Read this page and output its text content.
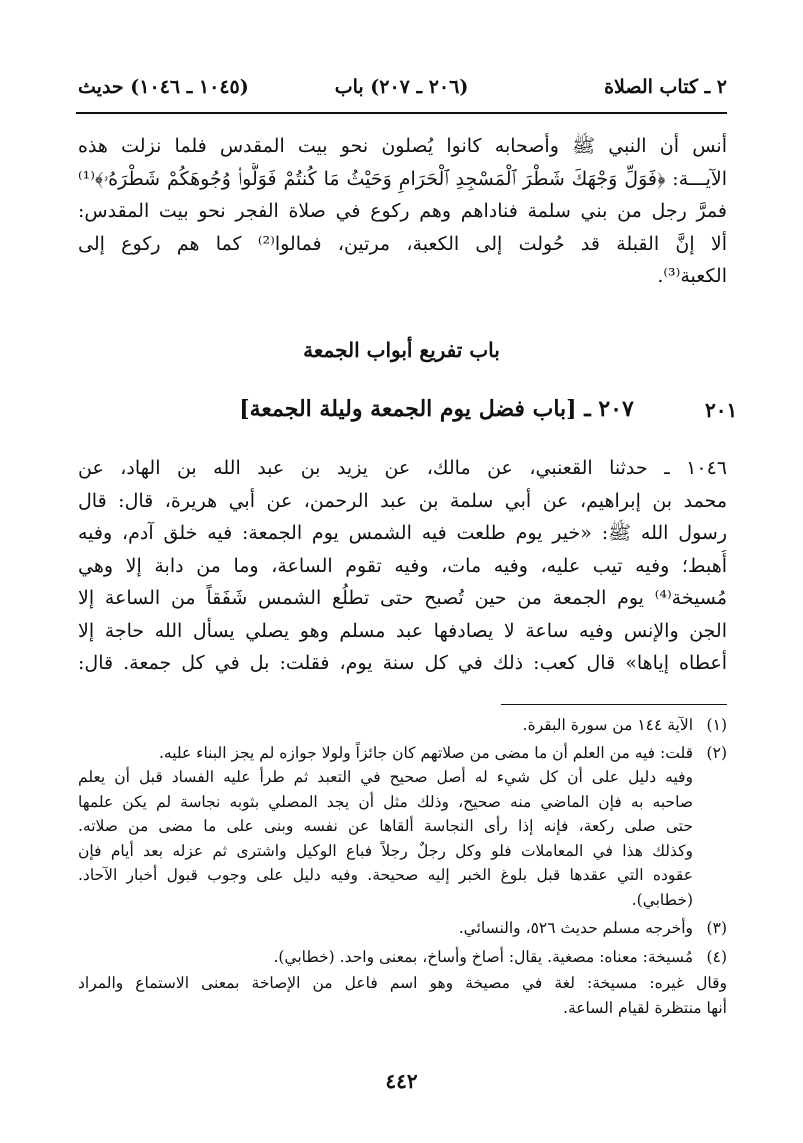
٢ ـ كتاب الصلاة
(٢٠٦ ـ ٢٠٧) باب
(١٠٤٥ ـ ١٠٤٦) حديث
أنس أن النبي ﷺ وأصحابه كانوا يُصلون نحو بيت المقدس فلما نزلت هذه
الآيـــة: ﴿فَوَلِّ وَجْهَكَ شَطْرَ ٱلْمَسْجِدِ ٱلْحَرَامِ وَحَيْثُ مَا كُنتُمْ فَوَلُّوا۟ وُجُوهَكُمْ شَطْرَهُۥ﴾⁽¹⁾
فمرَّ رجل من بني سلمة فناداهم وهم ركوع في صلاة الفجر نحو بيت المقدس:
ألا إنَّ القبلة قد حُولت إلى الكعبة، مرتين، فمالوا⁽²⁾ كما هم ركوع إلى
الكعبة⁽³⁾.
باب تفريع أبواب الجمعة
٢٠١
٢٠٧ ـ [باب فضل يوم الجمعة وليلة الجمعة]
١٠٤٦ ـ حدثنا القعنبي، عن مالك، عن يزيد بن عبد الله بن الهاد، عن
محمد بن إبراهيم، عن أبي سلمة بن عبد الرحمن، عن أبي هريرة، قال: قال
رسول الله ﷺ: «خير يوم طلعت فيه الشمس يوم الجمعة: فيه خلق آدم، وفيه
أُهبط؛ وفيه تيب عليه، وفيه مات، وفيه تقوم الساعة، وما من دابة إلا وهي
مُسيخة⁽⁴⁾ يوم الجمعة من حين تُصبح حتى تطلُع الشمس شَفَقاً من الساعة إلا
الجن والإنس وفيه ساعة لا يصادفها عبد مسلم وهو يصلي يسأل الله حاجة إلا
أعطاه إياها» قال كعب: ذلك في كل سنة يوم، فقلت: بل في كل جمعة. قال:
(١)
الآية ١٤٤ من سورة البقرة.
(٢)
قلت: فيه من العلم أن ما مضى من صلاتهم كان جائزاً ولولا جوازه لم يجز البناء عليه.
وفيه دليل على أن كل شيء له أصل صحيح في التعبد ثم طرأ عليه الفساد قبل أن يعلم
صاحبه به فإن الماضي منه صحيح، وذلك مثل أن يجد المصلي بثوبه نجاسة لم يكن علمها
حتى صلى ركعة، فإنه إذا رأى النجاسة ألقاها عن نفسه وبنى على ما مضى من صلاته.
وكذلك هذا في المعاملات فلو وكل رجلٌ رجلاً فباع الوكيل واشترى ثم عزله بعد أيام فإن
عقوده التي عقدها قبل بلوغ الخبر إليه صحيحة. وفيه دليل على وجوب قبول أخبار الآحاد.
(خطابي).
(٣)
وأخرجه مسلم حديث ٥٢٦، والنسائي.
(٤)
مُسيخة: معناه: مصغية. يقال: أصاخ وأساخ، بمعنى واحد. (خطابي).
وقال غيره: مسيخة: لغة في مصيخة وهو اسم فاعل من الإصاخة بمعنى الاستماع والمراد
أنها منتظرة لقيام الساعة.
٤٤٢
